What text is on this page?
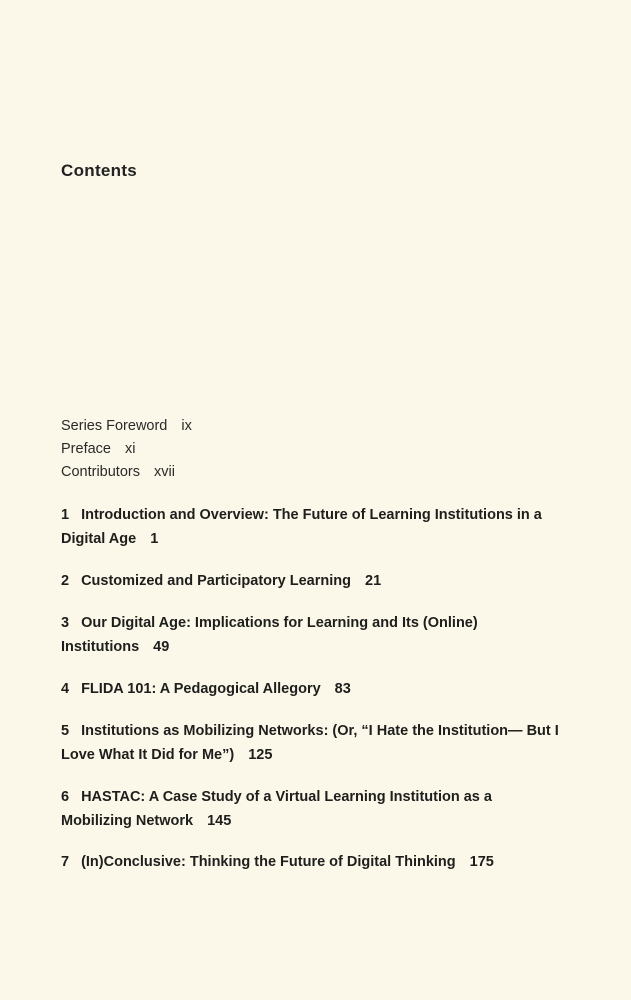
Contents
Series Foreword ix
Preface xi
Contributors xvii
1 Introduction and Overview: The Future of Learning Institutions in a Digital Age 1
2 Customized and Participatory Learning 21
3 Our Digital Age: Implications for Learning and Its (Online) Institutions 49
4 FLIDA 101: A Pedagogical Allegory 83
5 Institutions as Mobilizing Networks: (Or, “I Hate the Institution— But I Love What It Did for Me”) 125
6 HASTAC: A Case Study of a Virtual Learning Institution as a Mobilizing Network 145
7 (In)Conclusive: Thinking the Future of Digital Thinking 175
